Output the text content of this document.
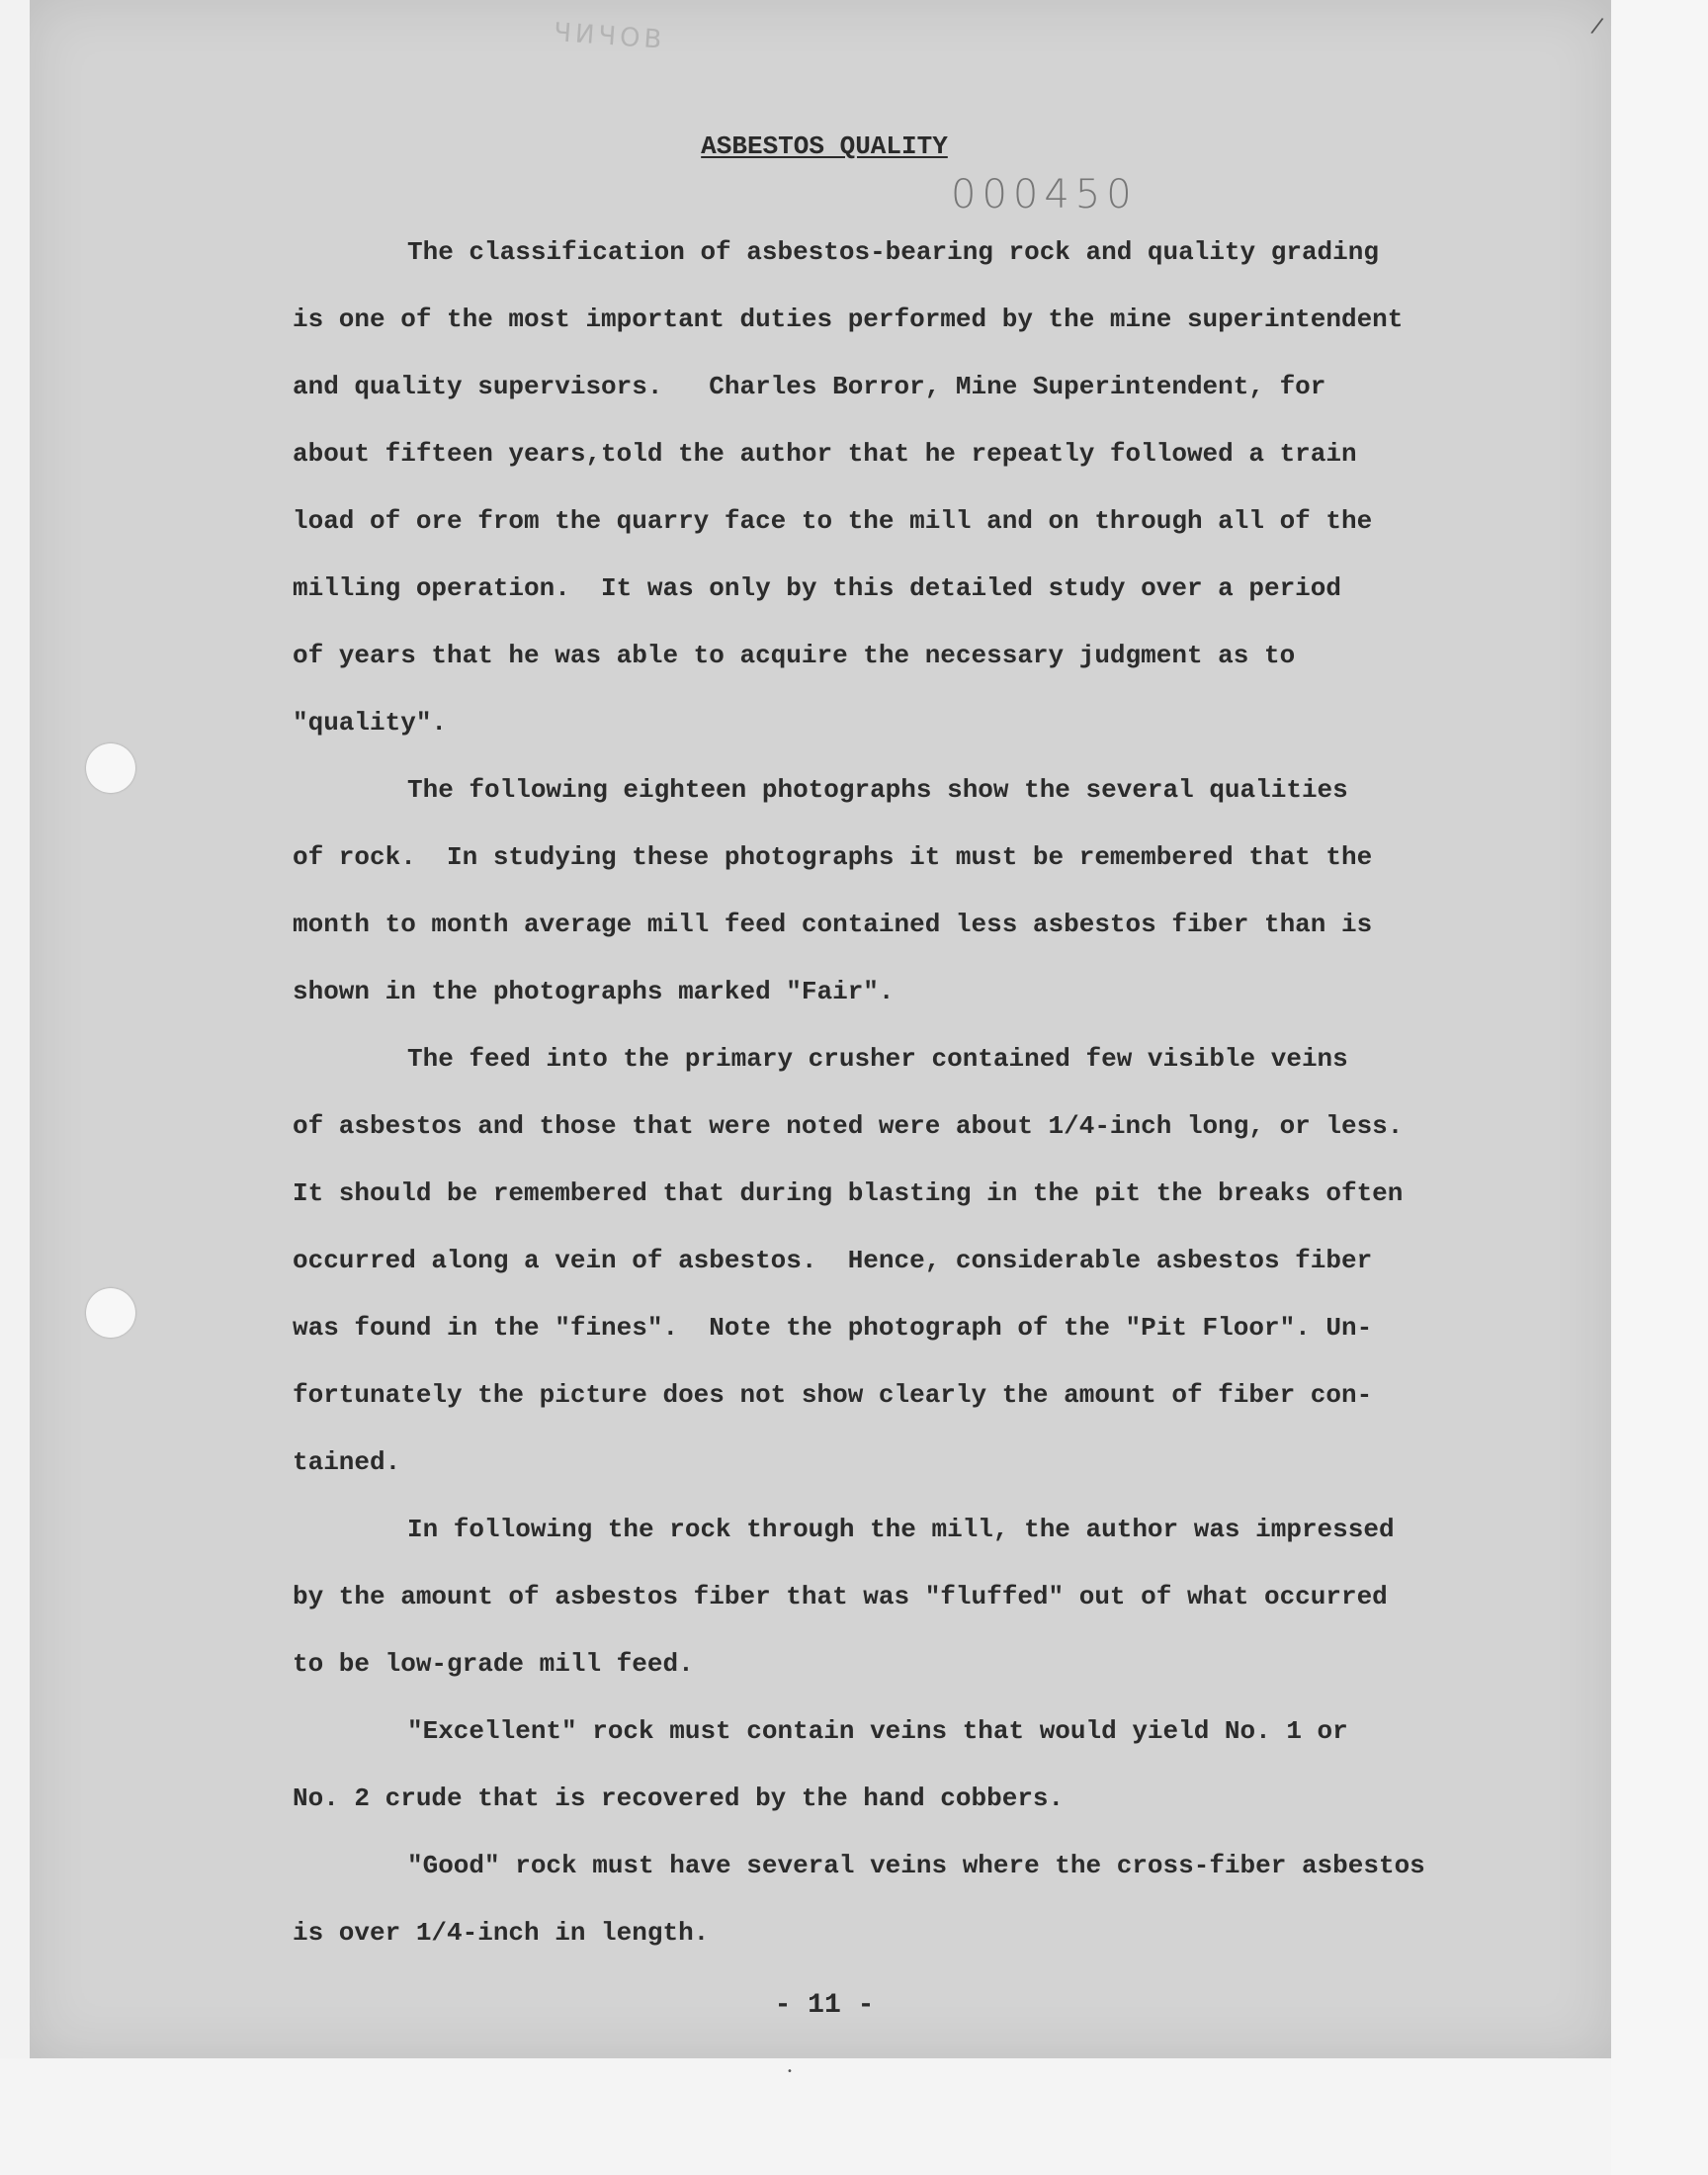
ЧИЧОВ
000450
ASBESTOS QUALITY
The classification of asbestos-bearing rock and quality grading
is one of the most important duties performed by the mine superintendent
and quality supervisors.   Charles Borror, Mine Superintendent, for
about fifteen years,told the author that he repeatly followed a train
load of ore from the quarry face to the mill and on through all of the
milling operation.  It was only by this detailed study over a period
of years that he was able to acquire the necessary judgment as to
"quality".
The following eighteen photographs show the several qualities
of rock.  In studying these photographs it must be remembered that the
month to month average mill feed contained less asbestos fiber than is
shown in the photographs marked "Fair".
The feed into the primary crusher contained few visible veins
of asbestos and those that were noted were about 1/4-inch long, or less.
It should be remembered that during blasting in the pit the breaks often
occurred along a vein of asbestos.  Hence, considerable asbestos fiber
was found in the "fines".  Note the photograph of the "Pit Floor". Un-
fortunately the picture does not show clearly the amount of fiber con-
tained.
In following the rock through the mill, the author was impressed
by the amount of asbestos fiber that was "fluffed" out of what occurred
to be low-grade mill feed.
"Excellent" rock must contain veins that would yield No. 1 or
No. 2 crude that is recovered by the hand cobbers.
"Good" rock must have several veins where the cross-fiber asbestos
is over 1/4-inch in length.
- 11 -
/
•
